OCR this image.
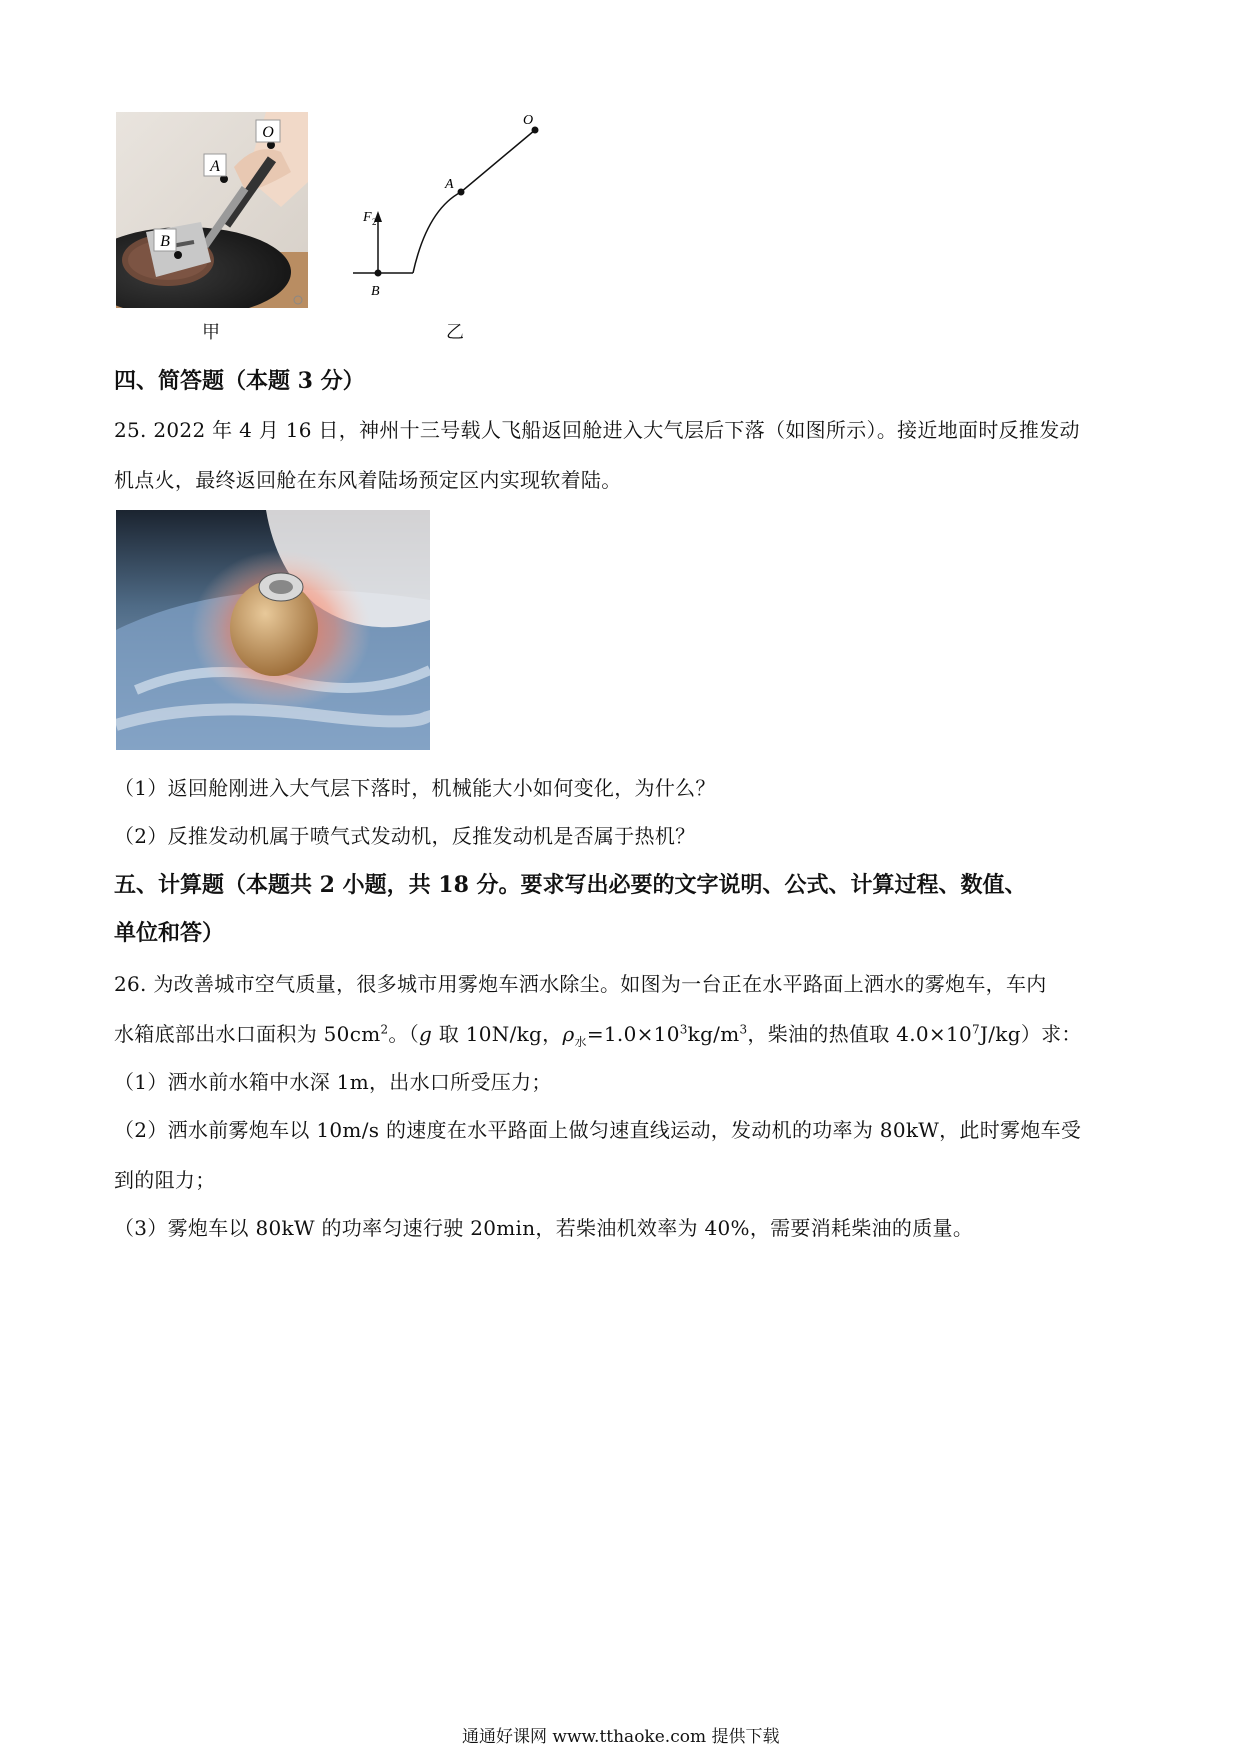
O
A
B
甲
O
A
F 2
B
乙
四、简答题（本题 3 分）
25. 2022 年 4 月 16 日，神州十三号载人飞船返回舱进入大气层后下落（如图所示）。接近地面时反推发动
机点火，最终返回舱在东风着陆场预定区内实现软着陆。
（1）返回舱刚进入大气层下落时，机械能大小如何变化，为什么？
（2）反推发动机属于喷气式发动机，反推发动机是否属于热机？
五、计算题（本题共 2 小题，共 18 分。要求写出必要的文字说明、公式、计算过程、数值、
单位和答）
26. 为改善城市空气质量，很多城市用雾炮车洒水除尘。如图为一台正在水平路面上洒水的雾炮车，车内
水箱底部出水口面积为 $50cm^2$。（g 取 10N/kg，$\rho_水=1.0\times 10^3kg/m^3$，柴油的热值取 $4.0\times 10^7J/kg$）求：
（1）洒水前水箱中水深 1m，出水口所受压力；
（2）洒水前雾炮车以 10m/s 的速度在水平路面上做匀速直线运动，发动机的功率为 80kW，此时雾炮车受
到的阻力；
（3）雾炮车以 80kW 的功率匀速行驶 20min，若柴油机效率为 40%，需要消耗柴油的质量。
通通好课网 www.tthaoke.com 提供下载
